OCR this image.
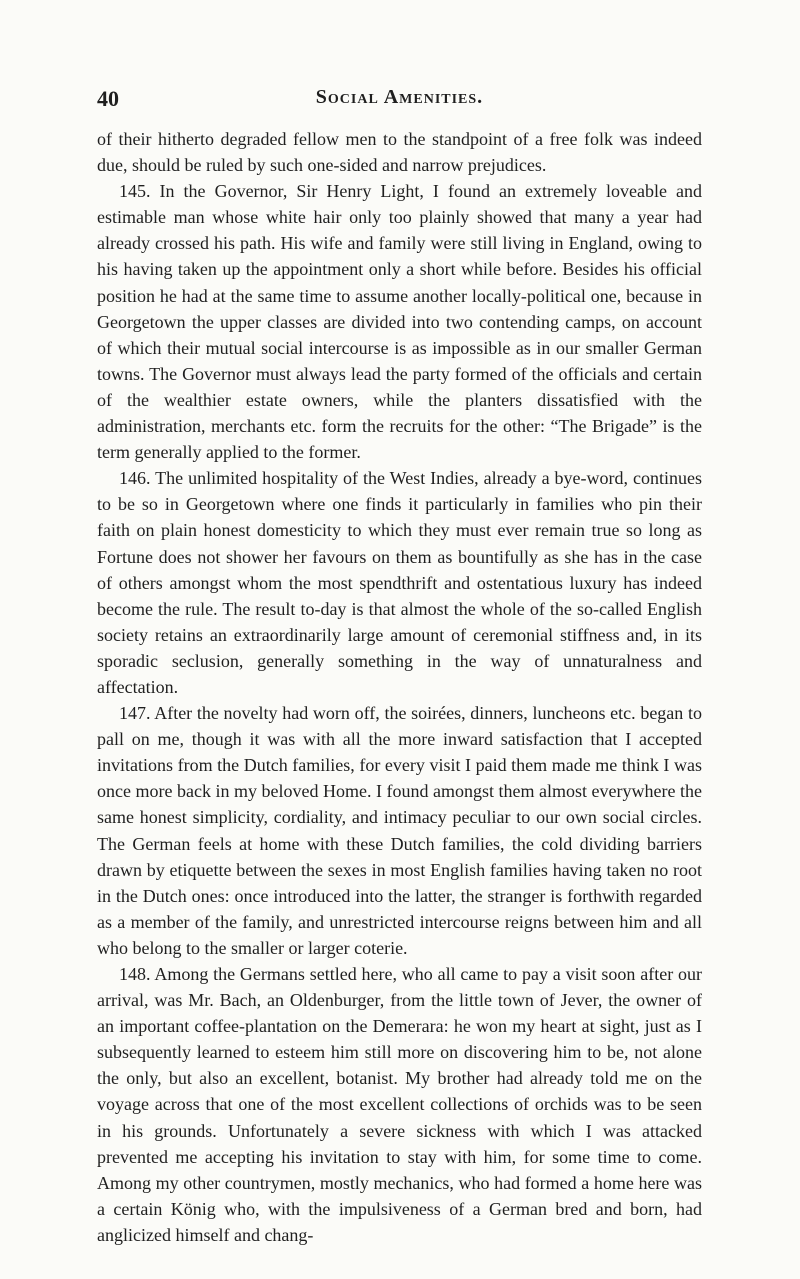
40	Social Amenities.

of their hitherto degraded fellow men to the standpoint of a free folk was indeed due, should be ruled by such one-sided and narrow prejudices.

145. In the Governor, Sir Henry Light, I found an extremely loveable and estimable man whose white hair only too plainly showed that many a year had already crossed his path. His wife and family were still living in England, owing to his having taken up the appointment only a short while before. Besides his official position he had at the same time to assume another locally-political one, because in Georgetown the upper classes are divided into two contending camps, on account of which their mutual social intercourse is as impossible as in our smaller German towns. The Governor must always lead the party formed of the officials and certain of the wealthier estate owners, while the planters dissatisfied with the administration, merchants etc. form the recruits for the other: “The Brigade” is the term generally applied to the former.

146. The unlimited hospitality of the West Indies, already a bye-word, continues to be so in Georgetown where one finds it particularly in families who pin their faith on plain honest domesticity to which they must ever remain true so long as Fortune does not shower her favours on them as bountifully as she has in the case of others amongst whom the most spendthrift and ostentatious luxury has indeed become the rule. The result to-day is that almost the whole of the so-called English society retains an extraordinarily large amount of ceremonial stiffness and, in its sporadic seclusion, generally something in the way of unnaturalness and affectation.

147. After the novelty had worn off, the soirées, dinners, luncheons etc. began to pall on me, though it was with all the more inward satisfaction that I accepted invitations from the Dutch families, for every visit I paid them made me think I was once more back in my beloved Home. I found amongst them almost everywhere the same honest simplicity, cordiality, and intimacy peculiar to our own social circles. The German feels at home with these Dutch families, the cold dividing barriers drawn by etiquette between the sexes in most English families having taken no root in the Dutch ones: once introduced into the latter, the stranger is forthwith regarded as a member of the family, and unrestricted intercourse reigns between him and all who belong to the smaller or larger coterie.

148. Among the Germans settled here, who all came to pay a visit soon after our arrival, was Mr. Bach, an Oldenburger, from the little town of Jever, the owner of an important coffee-plantation on the Demerara: he won my heart at sight, just as I subsequently learned to esteem him still more on discovering him to be, not alone the only, but also an excellent, botanist. My brother had already told me on the voyage across that one of the most excellent collections of orchids was to be seen in his grounds. Unfortunately a severe sickness with which I was attacked prevented me accepting his invitation to stay with him, for some time to come. Among my other countrymen, mostly mechanics, who had formed a home here was a certain König who, with the impulsiveness of a German bred and born, had anglicized himself and chang-
